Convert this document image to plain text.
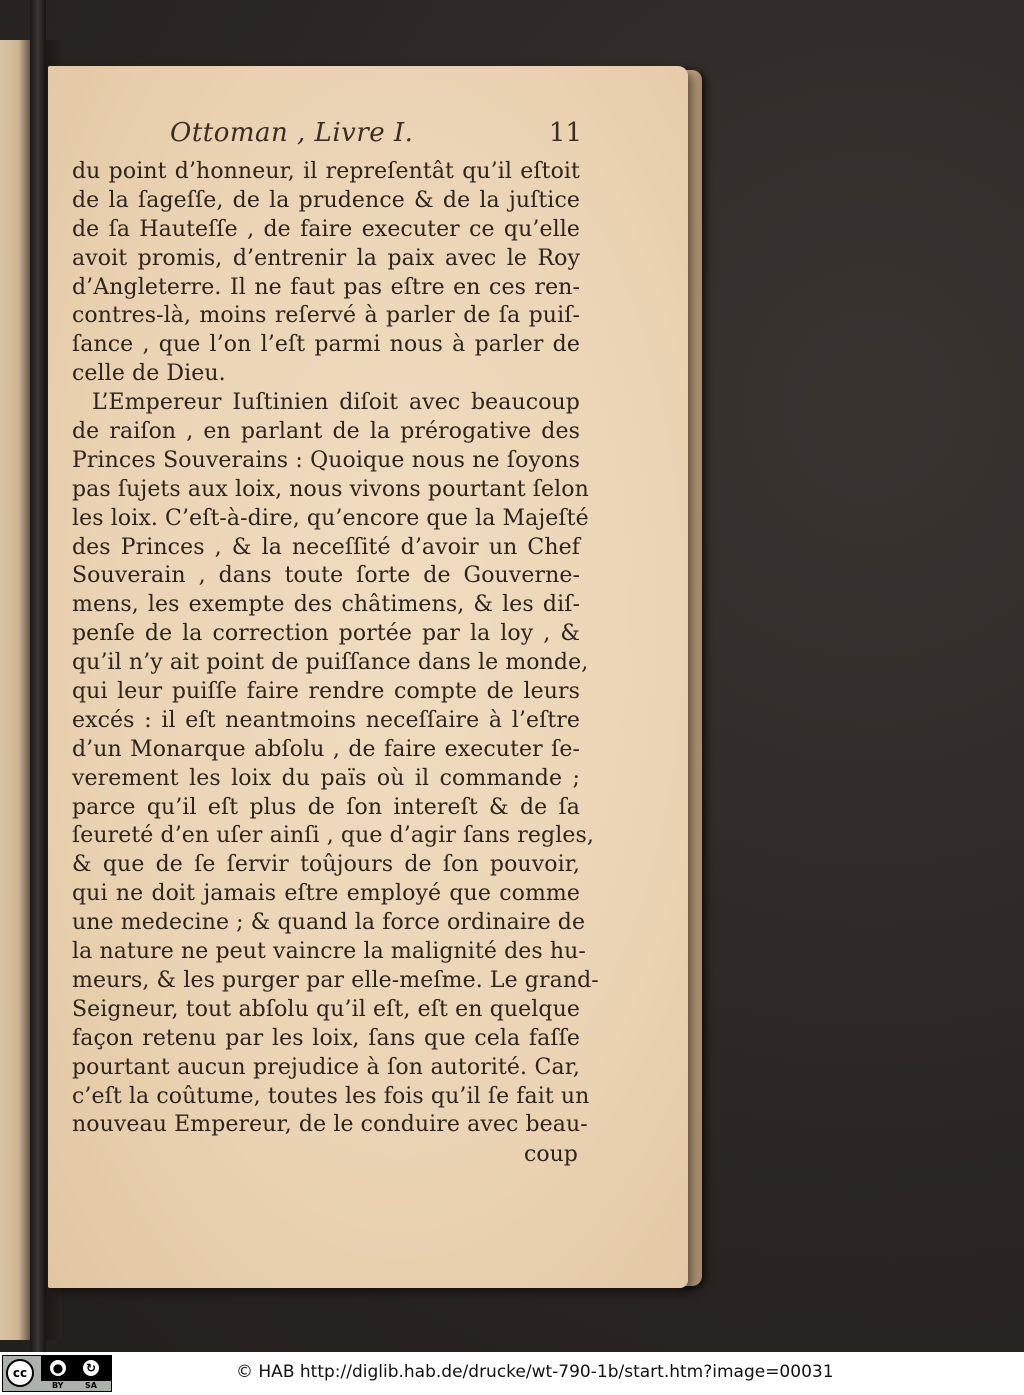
Ottoman , Livre I.	11
du point d’honneur, il repreſentât qu’il eſtoit
de la ſageſſe, de la prudence & de la juſtice
de ſa Hauteſſe , de faire executer ce qu’elle
avoit promis, d’entrenir la paix avec le Roy
d’Angleterre. Il ne faut pas eſtre en ces ren-
contres-là, moins reſervé à parler de ſa puiſ-
ſance , que l’on l’eſt parmi nous à parler de
celle de Dieu.
L’Empereur Iuſtinien diſoit avec beaucoup
de raiſon , en parlant de la prérogative des
Princes Souverains : Quoique nous ne ſoyons
pas ſujets aux loix, nous vivons pourtant ſelon
les loix. C’eſt-à-dire, qu’encore que la Majeſté
des Princes , & la neceſſité d’avoir un Chef
Souverain , dans toute ſorte de Gouverne-
mens, les exempte des châtimens, & les diſ-
penſe de la correction portée par la loy , &
qu’il n’y ait point de puiſſance dans le monde,
qui leur puiſſe faire rendre compte de leurs
excés : il eſt neantmoins neceſſaire à l’eſtre
d’un Monarque abſolu , de faire executer ſe-
verement les loix du païs où il commande ;
parce qu’il eſt plus de ſon intereſt & de ſa
ſeureté d’en uſer ainſi , que d’agir ſans regles,
& que de ſe ſervir toûjours de ſon pouvoir,
qui ne doit jamais eſtre employé que comme
une medecine ; & quand la force ordinaire de
la nature ne peut vaincre la malignité des hu-
meurs, & les purger par elle-meſme. Le grand-
Seigneur, tout abſolu qu’il eſt, eſt en quelque
façon retenu par les loix, ſans que cela faſſe
pourtant aucun prejudice à ſon autorité. Car,
c’eſt la coûtume, toutes les fois qu’il ſe fait un
nouveau Empereur, de le conduire avec beau-
coup
cc	●	↻
BY	SA
© HAB http://diglib.hab.de/drucke/wt-790-1b/start.htm?image=00031
